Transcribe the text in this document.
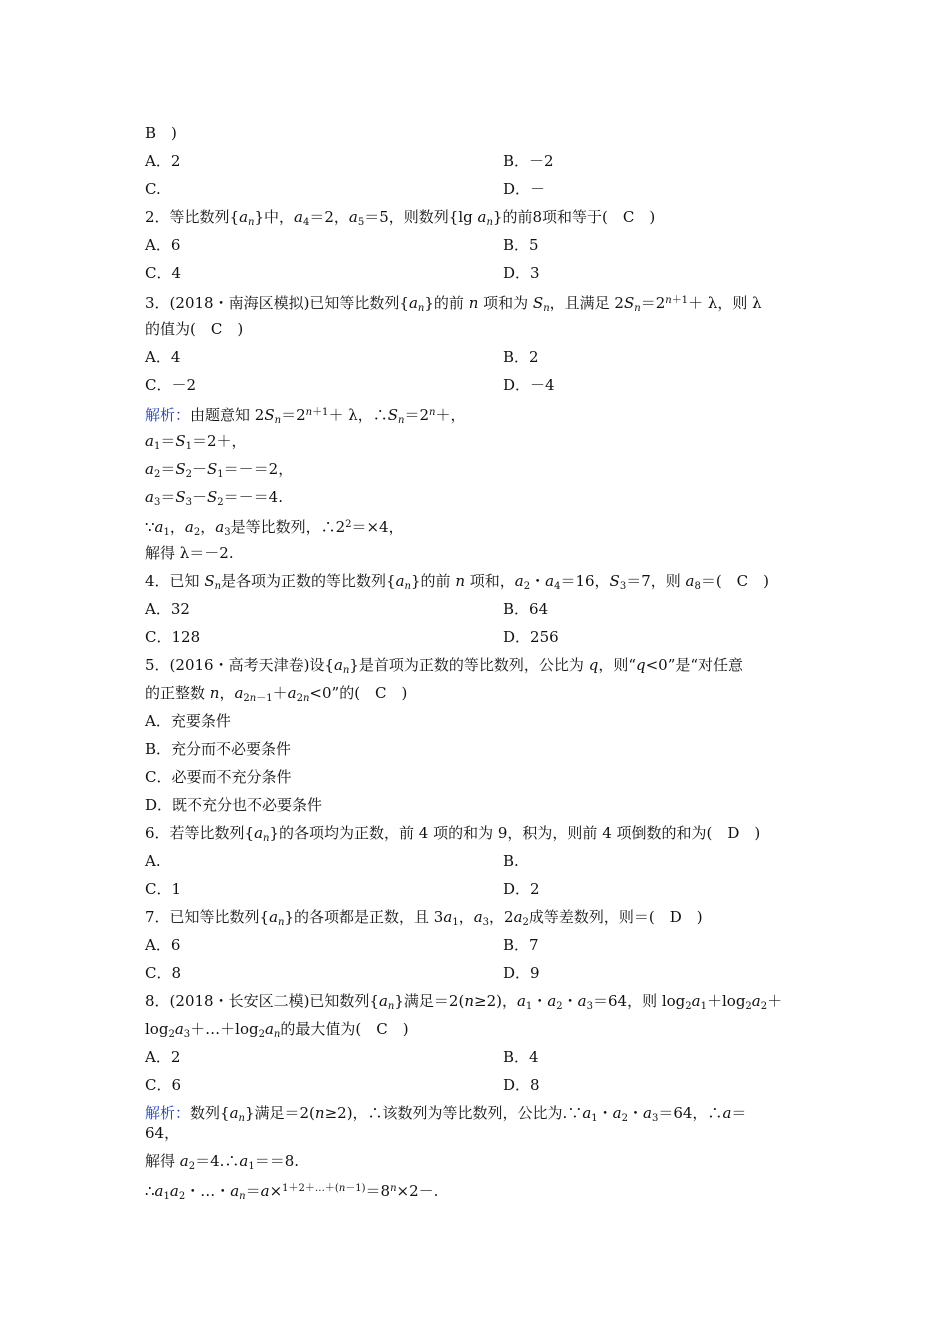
B　)
A．2	B．－2
C.	D．－
2．等比数列$\{a_n\}$中，$a_4=2$，$a_5=5$，则数列{lg $a_n$}的前8项和等于(　C　)
A．6	B．5
C．4	D．3
3．(2018・南海区模拟)已知等比数列$\{a_n\}$的前 n 项和为 $S_n$，且满足 $2S_n=2^{n+1}+ \lambda$，则 λ
的值为(　C　)
A．4	B．2
C．－2	D．－4
解析：由题意知 $2S_n=2^{n+1}+ \lambda$，$\therefore S_n=2^n+$，
$a_1=S_1=2+$，
$a_2=S_2-S_1=-=2$，
$a_3=S_3-S_2=-=4$.
$\because a_1$，$a_2$，$a_3$是等比数列，$\therefore 2^2=\times 4$，
解得 λ＝－2.
4．已知 $S_n$是各项为正数的等比数列$\{a_n\}$的前 n 项和，$a_2$・$a_4=16$，$S_3=7$，则 $a_8=$(　C　)
A．32	B．64
C．128	D．256
5．(2016・高考天津卷)设$\{a_n\}$是首项为正数的等比数列，公比为 q，则“q<0”是“对任意
的正整数 n，$a_{2n-1}+a_{2n}<0$”的(　C　)
A．充要条件
B．充分而不必要条件
C．必要而不充分条件
D．既不充分也不必要条件
6．若等比数列$\{a_n\}$的各项均为正数，前 4 项的和为 9，积为，则前 4 项倒数的和为(　D　)
A.	B.
C．1	D．2
7．已知等比数列$\{a_n\}$的各项都是正数，且 $3a_1$，$a_3$，$2a_2$成等差数列，则＝(　D　)
A．6	B．7
C．8	D．9
8．(2018・长安区二模)已知数列$\{a_n\}$满足＝2(n≥2)，$a_1$・$a_2$・$a_3=64$，则 $\log_2a_1+\log_2a_2+$
$\log_2a_3+\dots+\log_2a_n$的最大值为(　C　)
A．2	B．4
C．6	D．8
解析：数列$\{a_n\}$满足＝2(n≥2)，∴该数列为等比数列，公比为$.\because a_1$・$a_2$・$a_3=64$，∴a＝
64，
解得 $a_2=4.\therefore a_1==8$.
$\therefore a_1a_2$・…・$a_n=a\times^{1+2+\dots+(n-1)}=8^n\times 2-$.
